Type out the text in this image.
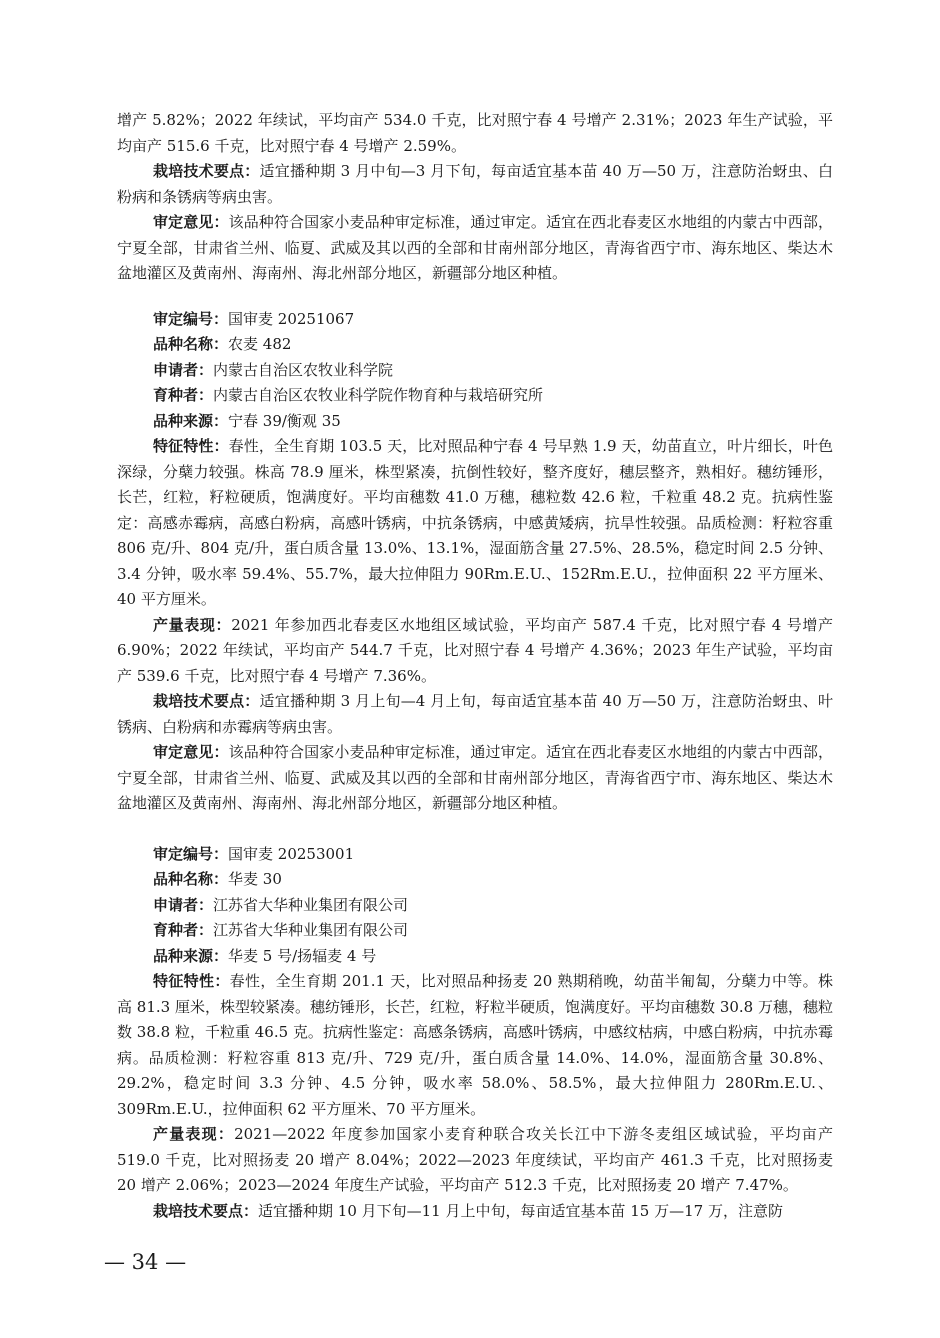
增产 5.82%；2022 年续试，平均亩产 534.0 千克，比对照宁春 4 号增产 2.31%；2023 年生产试验，平均亩产 515.6 千克，比对照宁春 4 号增产 2.59%。

栽培技术要点：适宜播种期 3 月中旬—3 月下旬，每亩适宜基本苗 40 万—50 万，注意防治蚜虫、白粉病和条锈病等病虫害。

审定意见：该品种符合国家小麦品种审定标准，通过审定。适宜在西北春麦区水地组的内蒙古中西部，宁夏全部，甘肃省兰州、临夏、武威及其以西的全部和甘南州部分地区，青海省西宁市、海东地区、柴达木盆地灌区及黄南州、海南州、海北州部分地区，新疆部分地区种植。

审定编号：国审麦 20251067

品种名称：农麦 482

申请者：内蒙古自治区农牧业科学院

育种者：内蒙古自治区农牧业科学院作物育种与栽培研究所

品种来源：宁春 39/衡观 35

特征特性：春性，全生育期 103.5 天，比对照品种宁春 4 号早熟 1.9 天，幼苗直立，叶片细长，叶色深绿，分蘖力较强。株高 78.9 厘米，株型紧凑，抗倒性较好，整齐度好，穗层整齐，熟相好。穗纺锤形，长芒，红粒，籽粒硬质，饱满度好。平均亩穗数 41.0 万穗，穗粒数 42.6 粒，千粒重 48.2 克。抗病性鉴定：高感赤霉病，高感白粉病，高感叶锈病，中抗条锈病，中感黄矮病，抗旱性较强。品质检测：籽粒容重 806 克/升、804 克/升，蛋白质含量 13.0%、13.1%，湿面筋含量 27.5%、28.5%，稳定时间 2.5 分钟、3.4 分钟，吸水率 59.4%、55.7%，最大拉伸阻力 90Rm.E.U.、152Rm.E.U.，拉伸面积 22 平方厘米、40 平方厘米。

产量表现：2021 年参加西北春麦区水地组区域试验，平均亩产 587.4 千克，比对照宁春 4 号增产 6.90%；2022 年续试，平均亩产 544.7 千克，比对照宁春 4 号增产 4.36%；2023 年生产试验，平均亩产 539.6 千克，比对照宁春 4 号增产 7.36%。

栽培技术要点：适宜播种期 3 月上旬—4 月上旬，每亩适宜基本苗 40 万—50 万，注意防治蚜虫、叶锈病、白粉病和赤霉病等病虫害。

审定意见：该品种符合国家小麦品种审定标准，通过审定。适宜在西北春麦区水地组的内蒙古中西部，宁夏全部，甘肃省兰州、临夏、武威及其以西的全部和甘南州部分地区，青海省西宁市、海东地区、柴达木盆地灌区及黄南州、海南州、海北州部分地区，新疆部分地区种植。

审定编号：国审麦 20253001

品种名称：华麦 30

申请者：江苏省大华种业集团有限公司

育种者：江苏省大华种业集团有限公司

品种来源：华麦 5 号/扬辐麦 4 号

特征特性：春性，全生育期 201.1 天，比对照品种扬麦 20 熟期稍晚，幼苗半匍匐，分蘖力中等。株高 81.3 厘米，株型较紧凑。穗纺锤形，长芒，红粒，籽粒半硬质，饱满度好。平均亩穗数 30.8 万穗，穗粒数 38.8 粒，千粒重 46.5 克。抗病性鉴定：高感条锈病，高感叶锈病，中感纹枯病，中感白粉病，中抗赤霉病。品质检测：籽粒容重 813 克/升、729 克/升，蛋白质含量 14.0%、14.0%，湿面筋含量 30.8%、29.2%，稳定时间 3.3 分钟、4.5 分钟，吸水率 58.0%、58.5%，最大拉伸阻力 280Rm.E.U.、309Rm.E.U.，拉伸面积 62 平方厘米、70 平方厘米。

产量表现：2021—2022 年度参加国家小麦育种联合攻关长江中下游冬麦组区域试验，平均亩产 519.0 千克，比对照扬麦 20 增产 8.04%；2022—2023 年度续试，平均亩产 461.3 千克，比对照扬麦 20 增产 2.06%；2023—2024 年度生产试验，平均亩产 512.3 千克，比对照扬麦 20 增产 7.47%。

栽培技术要点：适宜播种期 10 月下旬—11 月上中旬，每亩适宜基本苗 15 万—17 万，注意防

— 34 —
